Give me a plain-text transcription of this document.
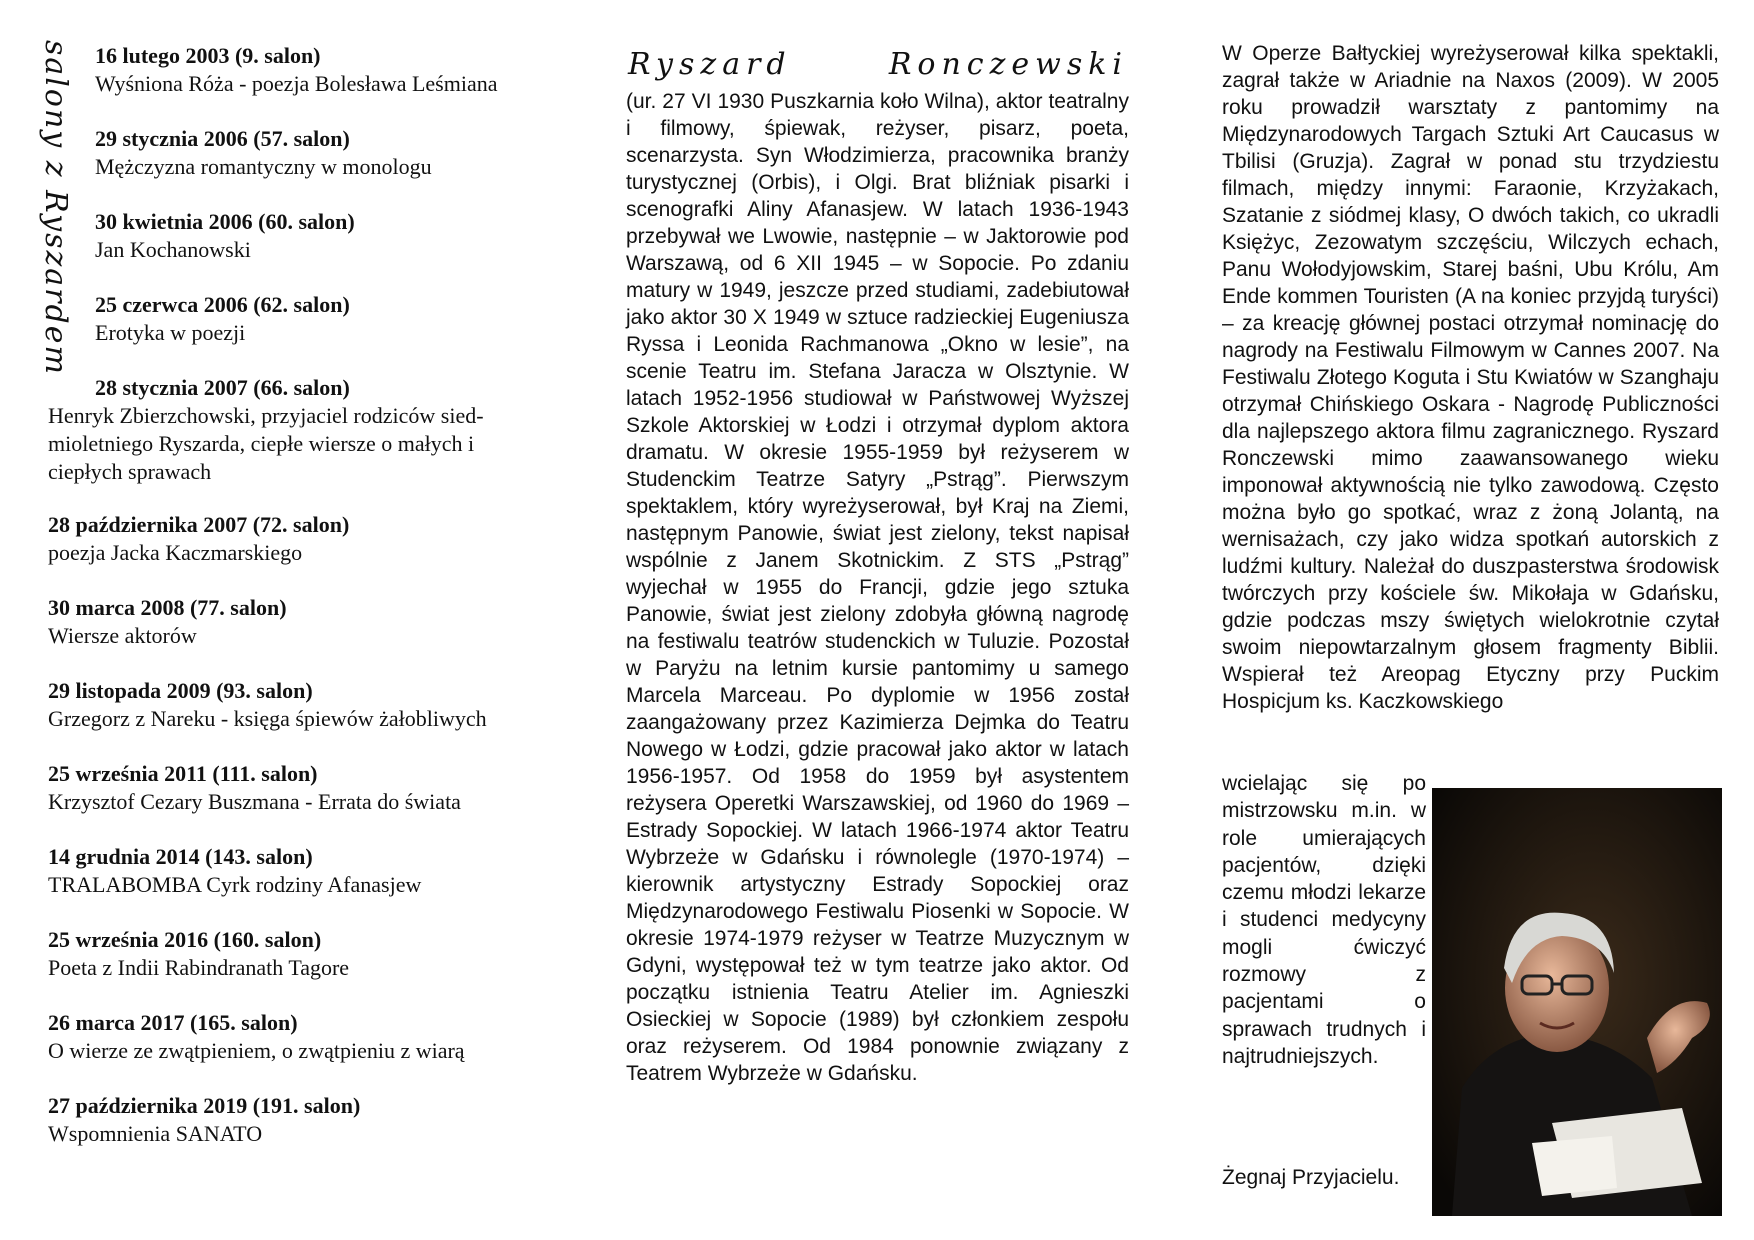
salony z Ryszardem 16 lutego 2003 (9. salon)
Wyśniona Róża - poezja Bolesława Leśmiana
29 stycznia 2006 (57. salon)
Mężczyzna romantyczny w monologu
30 kwietnia 2006 (60. salon)
Jan Kochanowski
25 czerwca 2006 (62. salon)
Erotyka w poezji
28 stycznia 2007 (66. salon)
Henryk Zbierzchowski, przyjaciel rodziców sied-mioletniego Ryszarda, ciepłe wiersze o małych i ciepłych sprawach
28 października 2007 (72. salon)
poezja Jacka Kaczmarskiego
30 marca 2008 (77. salon)
Wiersze aktorów
29 listopada 2009 (93. salon)
Grzegorz z Nareku - księga śpiewów żałobliwych
25 września 2011 (111. salon)
Krzysztof Cezary Buszmana - Errata do świata
14 grudnia 2014 (143. salon)
TRALABOMBA Cyrk rodziny Afanasjew
25 września 2016 (160. salon)
Poeta z Indii Rabindranath Tagore
26 marca 2017 (165. salon)
O wierze ze zwątpieniem, o zwątpieniu z wiarą
27 października 2019 (191. salon)
Wspomnienia SANATO
Ryszard	Ronczewski
(ur. 27 VI 1930 Puszkarnia koło Wilna), aktor teatralny i filmowy, śpiewak, reżyser, pisarz, poeta, scenarzysta. Syn Włodzimierza, pracownika branży turystycznej (Orbis), i Olgi. Brat bliźniak pisarki i scenografki Aliny Afanasjew. W latach 1936-1943 przebywał we Lwowie, następnie – w Jaktorowie pod Warszawą, od 6 XII 1945 – w Sopocie. Po zdaniu matury w 1949, jeszcze przed studiami, zadebiutował jako aktor 30 X 1949 w sztuce radzieckiej Eugeniusza Ryssa i Leonida Rachmanowa „Okno w lesie”, na scenie Teatru im. Stefana Jaracza w Olsztynie. W latach 1952-1956 studiował w Państwowej Wyższej Szkole Aktorskiej w Łodzi i otrzymał dyplom aktora dramatu. W okresie 1955-1959 był reżyserem w Studenckim Teatrze Satyry „Pstrąg”. Pierwszym spektaklem, który wyreżyserował, był Kraj na Ziemi, następnym Panowie, świat jest zielony, tekst napisał wspólnie z Janem Skotnickim. Z STS „Pstrąg” wyjechał w 1955 do Francji, gdzie jego sztuka Panowie, świat jest zielony zdobyła główną nagrodę na festiwalu teatrów studenckich w Tuluzie. Pozostał w Paryżu na letnim kursie pantomimy u samego Marcela Marceau. Po dyplomie w 1956 został zaangażowany przez Kazimierza Dejmka do Teatru Nowego w Łodzi, gdzie pracował jako aktor w latach 1956-1957. Od 1958 do 1959 był asystentem reżysera Operetki Warszawskiej, od 1960 do 1969 – Estrady Sopockiej. W latach 1966-1974 aktor Teatru Wybrzeże w Gdańsku i równolegle (1970-1974) – kierownik artystyczny Estrady Sopockiej oraz Międzynarodowego Festiwalu Piosenki w Sopocie. W okresie 1974-1979 reżyser w Teatrze Muzycznym w Gdyni, występował też w tym teatrze jako aktor. Od początku istnienia Teatru Atelier im. Agnieszki Osieckiej w Sopocie (1989) był członkiem zespołu oraz reżyserem. Od 1984 ponownie związany z Teatrem Wybrzeże w Gdańsku.
W Operze Bałtyckiej wyreżyserował kilka spektakli, zagrał także w Ariadnie na Naxos (2009). W 2005 roku prowadził warsztaty z pantomimy na Międzynarodowych Targach Sztuki Art Caucasus w Tbilisi (Gruzja). Zagrał w ponad stu trzydziestu filmach, między innymi: Faraonie, Krzyżakach, Szatanie z siódmej klasy, O dwóch takich, co ukradli Księżyc, Zezowatym szczęściu, Wilczych echach, Panu Wołodyjowskim, Starej baśni, Ubu Królu, Am Ende kommen Touristen (A na koniec przyjdą turyści) – za kreację głównej postaci otrzymał nominację do nagrody na Festiwalu Filmowym w Cannes 2007. Na Festiwalu Złotego Koguta i Stu Kwiatów w Szanghaju otrzymał Chińskiego Oskara - Nagrodę Publiczności dla najlepszego aktora filmu zagranicznego. Ryszard Ronczewski mimo zaawansowanego wieku imponował aktywnością nie tylko zawodową. Często można było go spotkać, wraz z żoną Jolantą, na wernisażach, czy jako widza spotkań autorskich z ludźmi kultury. Należał do duszpasterstwa środowisk twórczych przy kościele św. Mikołaja w Gdańsku, gdzie podczas mszy świętych wielokrotnie czytał swoim niepowtarzalnym głosem fragmenty Biblii. Wspierał też Areopag Etyczny przy Puckim Hospicjum ks. Kaczkowskiego
wcielając się po mistrzowsku m.in. w role umierających pacjentów, dzięki czemu młodzi lekarze i studenci medycyny mogli ćwiczyć rozmowy z pacjentami o sprawach trudnych i najtrudniejszych.
Żegnaj Przyjacielu.
